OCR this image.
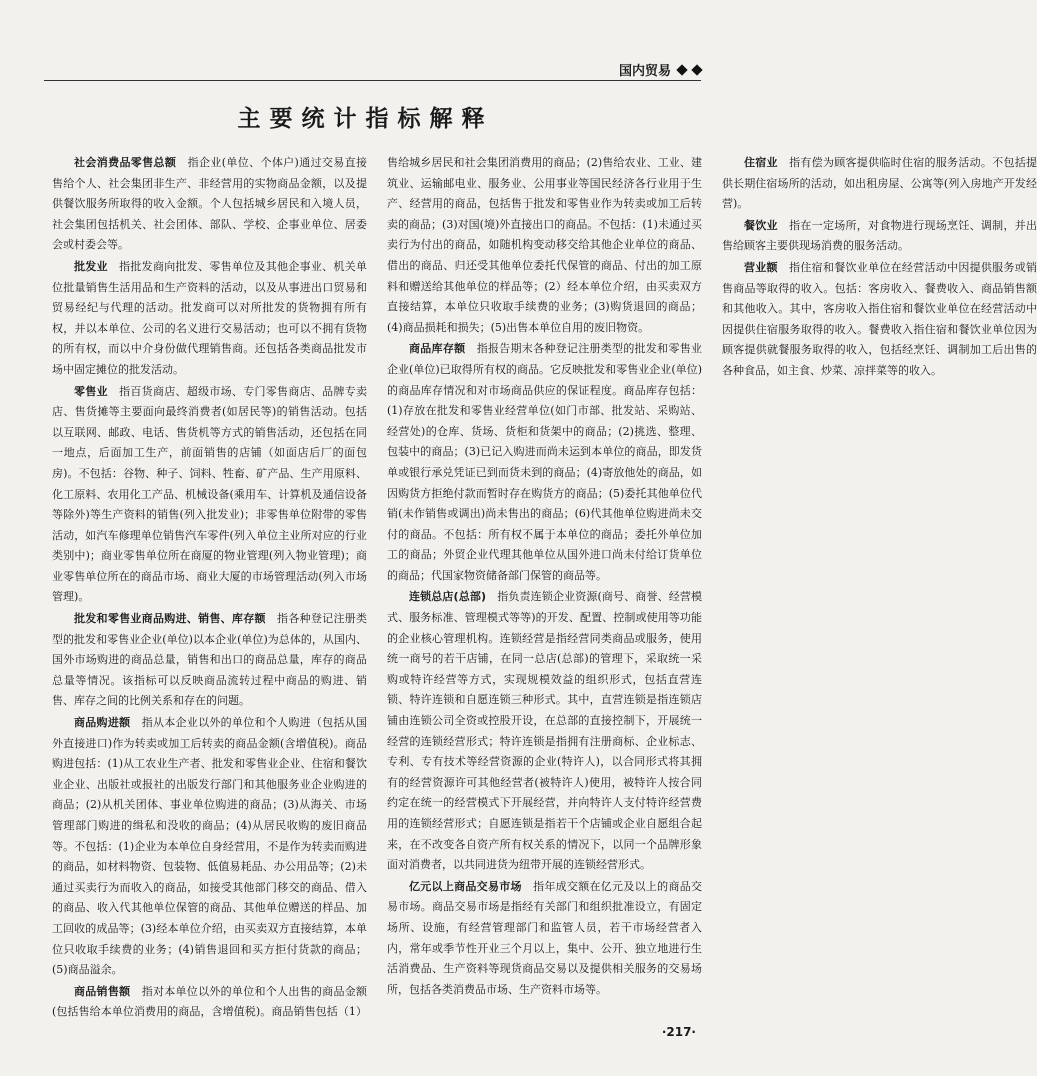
国内贸易
主要统计指标解释

社会消费品零售总额　 指企业(单位、个体户)通过交易直接售给个人、社会集团非生产、非经营用的实物商品金额，以及提供餐饮服务所取得的收入金额。个人包括城乡居民和入境人员，社会集团包括机关、社会团体、部队、学校、企事业单位、居委会或村委会等。

批发业　 指批发商向批发、零售单位及其他企事业、机关单位批量销售生活用品和生产资料的活动，以及从事进出口贸易和贸易经纪与代理的活动。批发商可以对所批发的货物拥有所有权，并以本单位、公司的名义进行交易活动；也可以不拥有货物的所有权，而以中介身份做代理销售商。还包括各类商品批发市场中固定摊位的批发活动。

零售业　 指百货商店、超级市场、专门零售商店、品牌专卖店、售货摊等主要面向最终消费者(如居民等)的销售活动。包括以互联网、邮政、电话、售货机等方式的销售活动，还包括在同一地点，后面加工生产，前面销售的店铺（如面店后厂的面包房)。不包括：谷物、种子、饲料、牲畜、矿产品、生产用原料、化工原料、农用化工产品、机械设备(乘用车、计算机及通信设备等除外)等生产资料的销售(列入批发业)；非零售单位附带的零售活动，如汽车修理单位销售汽车零件(列入单位主业所对应的行业类别中)；商业零售单位所在商厦的物业管理(列入物业管理)；商业零售单位所在的商品市场、商业大厦的市场管理活动(列入市场管理)。

批发和零售业商品购进、销售、库存额　 指各种登记注册类型的批发和零售业企业(单位)以本企业(单位)为总体的，从国内、国外市场购进的商品总量，销售和出口的商品总量，库存的商品总量等情况。该指标可以反映商品流转过程中商品的购进、销售、库存之间的比例关系和存在的问题。

商品购进额　 指从本企业以外的单位和个人购进（包括从国外直接进口)作为转卖或加工后转卖的商品金额(含增值税)。商品购进包括：(1)从工农业生产者、批发和零售业企业、住宿和餐饮业企业、出版社或报社的出版发行部门和其他服务业企业购进的商品；(2)从机关团体、事业单位购进的商品；(3)从海关、市场管理部门购进的缉私和没收的商品；(4)从居民收购的废旧商品等。不包括：(1)企业为本单位自身经营用，不是作为转卖而购进的商品，如材料物资、包装物、低值易耗品、办公用品等；(2)未通过买卖行为而收入的商品，如接受其他部门移交的商品、借入的商品、收入代其他单位保管的商品、其他单位赠送的样品、加工回收的成品等；(3)经本单位介绍，由买卖双方直接结算，本单位只收取手续费的业务；(4)销售退回和买方拒付货款的商品；(5)商品溢余。

商品销售额　 指对本单位以外的单位和个人出售的商品金额(包括售给本单位消费用的商品，含增值税)。商品销售包括（1）售给城乡居民和社会集团消费用的商品；(2)售给农业、工业、建筑业、运输邮电业、服务业、公用事业等国民经济各行业用于生产、经营用的商品，包括售于批发和零售业作为转卖或加工后转卖的商品；(3)对国(境)外直接出口的商品。不包括：(1)未通过买卖行为付出的商品，如随机构变动移交给其他企业单位的商品、借出的商品、归还受其他单位委托代保管的商品、付出的加工原料和赠送给其他单位的样品等；(2）经本单位介绍，由买卖双方直接结算，本单位只收取手续费的业务；(3)购货退回的商品；(4)商品损耗和损失；(5)出售本单位自用的废旧物资。

商品库存额　 指报告期末各种登记注册类型的批发和零售业企业(单位)已取得所有权的商品。它反映批发和零售业企业(单位)的商品库存情况和对市场商品供应的保证程度。商品库存包括：(1)存放在批发和零售业经营单位(如门市部、批发站、采购站、经营处)的仓库、货场、货柜和货架中的商品；(2)挑选、整理、包装中的商品；(3)已记入购进而尚未运到本单位的商品，即发货单或银行承兑凭证已到而货未到的商品；(4)寄放他处的商品，如因购货方拒绝付款而暂时存在购货方的商品；(5)委托其他单位代销(未作销售或调出)尚未售出的商品；(6)代其他单位购进尚未交付的商品。不包括：所有权不属于本单位的商品；委托外单位加工的商品；外贸企业代理其他单位从国外进口尚未付给订货单位的商品；代国家物资储备部门保管的商品等。

连锁总店(总部)　 指负责连锁企业资源(商号、商誉、经营模式、服务标准、管理模式等等)的开发、配置、控制或使用等功能的企业核心管理机构。连锁经营是指经营同类商品或服务，使用统一商号的若干店铺，在同一总店(总部)的管理下，采取统一采购或特许经营等方式，实现规模效益的组织形式，包括直营连锁、特许连锁和自愿连锁三种形式。其中，直营连锁是指连锁店铺由连锁公司全资或控股开设，在总部的直接控制下，开展统一经营的连锁经营形式；特许连锁是指拥有注册商标、企业标志、专利、专有技术等经营资源的企业(特许人)，以合同形式将其拥有的经营资源许可其他经营者(被特许人)使用，被特许人按合同约定在统一的经营模式下开展经营，并向特许人支付特许经营费用的连锁经营形式；自愿连锁是指若干个店铺或企业自愿组合起来，在不改变各自资产所有权关系的情况下，以同一个品牌形象面对消费者，以共同进货为纽带开展的连锁经营形式。

亿元以上商品交易市场　 指年成交额在亿元及以上的商品交易市场。商品交易市场是指经有关部门和组织批准设立，有固定场所、设施，有经营管理部门和监管人员，若干市场经营者入内，常年或季节性开业三个月以上，集中、公开、独立地进行生活消费品、生产资料等现货商品交易以及提供相关服务的交易场所，包括各类消费品市场、生产资料市场等。

住宿业　 指有偿为顾客提供临时住宿的服务活动。不包括提供长期住宿场所的活动，如出租房屋、公寓等(列入房地产开发经营)。

餐饮业　 指在一定场所，对食物进行现场烹饪、调制，并出售给顾客主要供现场消费的服务活动。

营业额　 指住宿和餐饮业单位在经营活动中因提供服务或销售商品等取得的收入。包括：客房收入、餐费收入、商品销售额和其他收入。其中，客房收入指住宿和餐饮业单位在经营活动中因提供住宿服务取得的收入。餐费收入指住宿和餐饮业单位因为顾客提供就餐服务取得的收入，包括经烹饪、调制加工后出售的各种食品，如主食、炒菜、凉拌菜等的收入。

·217·
